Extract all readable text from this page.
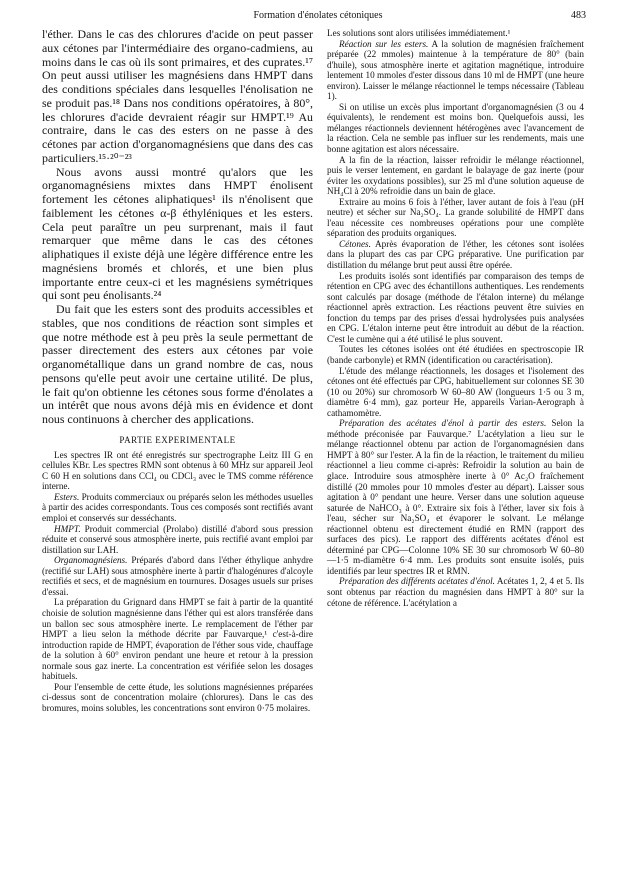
Formation d'énolates cétoniques	483

l'éther. Dans le cas des chlorures d'acide on peut passer aux cétones par l'intermédiaire des organo-cadmiens, au moins dans le cas où ils sont primaires, et des cuprates.¹⁷ On peut aussi utiliser les magnésiens dans HMPT dans des conditions spéciales dans lesquelles l'énolisation ne se produit pas.¹⁸ Dans nos conditions opératoires, à 80°, les chlorures d'acide devraient réagir sur HMPT.¹⁹ Au contraire, dans le cas des esters on ne passe à des cétones par action d'organomagnésiens que dans des cas particuliers.¹⁵·²⁰⁻²³

Nous avons aussi montré qu'alors que les organomagnésiens mixtes dans HMPT énolisent fortement les cétones aliphatiques¹ ils n'énolisent que faiblement les cétones α-β éthyléniques et les esters. Cela peut paraître un peu surprenant, mais il faut remarquer que même dans le cas des cétones aliphatiques il existe déjà une légère différence entre les magnésiens bromés et chlorés, et une bien plus importante entre ceux-ci et les magnésiens symétriques qui sont peu énolisants.²⁴

Du fait que les esters sont des produits accessibles et stables, que nos conditions de réaction sont simples et que notre méthode est à peu près la seule permettant de passer directement des esters aux cétones par voie organométallique dans un grand nombre de cas, nous pensons qu'elle peut avoir une certaine utilité. De plus, le fait qu'on obtienne les cétones sous forme d'énolates a un intérêt que nous avons déjà mis en évidence et dont nous continuons à chercher des applications.

PARTIE EXPERIMENTALE

Les spectres IR ont été enregistrés sur spectrographe Leitz III G en cellules KBr. Les spectres RMN sont obtenus à 60 MHz sur appareil Jeol C 60 H en solutions dans CCl₄ ou CDCl₃ avec le TMS comme référence interne.

Esters. Produits commerciaux ou préparés selon les méthodes usuelles à partir des acides correspondants. Tous ces composés sont rectifiés avant emploi et conservés sur desséchants.

HMPT. Produit commercial (Prolabo) distillé d'abord sous pression réduite et conservé sous atmosphère inerte, puis rectifié avant emploi par distillation sur LAH.

Organomagnésiens. Préparés d'abord dans l'éther éthylique anhydre (rectifié sur LAH) sous atmosphère inerte à partir d'halogénures d'alcoyle rectifiés et secs, et de magnésium en tournures. Dosages usuels sur prises d'essai.

La préparation du Grignard dans HMPT se fait à partir de la quantité choisie de solution magnésienne dans l'éther qui est alors transférée dans un ballon sec sous atmosphère inerte. Le remplacement de l'éther par HMPT a lieu selon la méthode décrite par Fauvarque,¹ c'est-à-dire introduction rapide de HMPT, évaporation de l'éther sous vide, chauffage de la solution à 60° environ pendant une heure et retour à la pression normale sous gaz inerte. La concentration est vérifiée selon les dosages habituels.

Pour l'ensemble de cette étude, les solutions magnésiennes préparées ci-dessus sont de concentration molaire (chlorures). Dans le cas des bromures, moins solubles, les concentrations sont environ 0·75 molaires.

Les solutions sont alors utilisées immédiatement.¹

Réaction sur les esters. A la solution de magnésien fraîchement préparée (22 mmoles) maintenue à la température de 80° (bain d'huile), sous atmosphère inerte et agitation magnétique, introduire lentement 10 mmoles d'ester dissous dans 10 ml de HMPT (une heure environ). Laisser le mélange réactionnel le temps nécessaire (Tableau 1).

Si on utilise un excès plus important d'organomagnésien (3 ou 4 équivalents), le rendement est moins bon. Quelquefois aussi, les mélanges réactionnels deviennent hétérogènes avec l'avancement de la réaction. Cela ne semble pas influer sur les rendements, mais une bonne agitation est alors nécessaire.

A la fin de la réaction, laisser refroidir le mélange réactionnel, puis le verser lentement, en gardant le balayage de gaz inerte (pour éviter les oxydations possibles), sur 25 ml d'une solution aqueuse de NH₄Cl à 20% refroidie dans un bain de glace.

Extraire au moins 6 fois à l'éther, laver autant de fois à l'eau (pH neutre) et sécher sur Na₂SO₄. La grande solubilité de HMPT dans l'eau nécessite ces nombreuses opérations pour une complète séparation des produits organiques.

Cétones. Après évaporation de l'éther, les cétones sont isolées dans la plupart des cas par CPG préparative. Une purification par distillation du mélange brut peut aussi être opérée.

Les produits isolés sont identifiés par comparaison des temps de rétention en CPG avec des échantillons authentiques. Les rendements sont calculés par dosage (méthode de l'étalon interne) du mélange réactionnel après extraction. Les réactions peuvent être suivies en fonction du temps par des prises d'essai hydrolysées puis analysées en CPG. L'étalon interne peut être introduit au début de la réaction. C'est le cumène qui a été utilisé le plus souvent.

Toutes les cétones isolées ont été étudiées en spectroscopie IR (bande carbonyle) et RMN (identification ou caractérisation).

L'étude des mélange réactionnels, les dosages et l'isolement des cétones ont été effectués par CPG, habituellement sur colonnes SE 30 (10 ou 20%) sur chromosorb W 60–80 AW (longueurs 1·5 ou 3 m, diamètre 6·4 mm), gaz porteur He, appareils Varian-Aerograph à cathamomètre.

Préparation des acétates d'énol à partir des esters. Selon la méthode préconisée par Fauvarque.⁷ L'acétylation a lieu sur le mélange réactionnel obtenu par action de l'organomagnésien dans HMPT à 80° sur l'ester. A la fin de la réaction, le traitement du milieu réactionnel a lieu comme ci-après: Refroidir la solution au bain de glace. Introduire sous atmosphère inerte à 0° Ac₂O fraîchement distillé (20 mmoles pour 10 mmoles d'ester au départ). Laisser sous agitation à 0° pendant une heure. Verser dans une solution aqueuse saturée de NaHCO₃ à 0°. Extraire six fois à l'éther, laver six fois à l'eau, sécher sur Na₂SO₄ et évaporer le solvant. Le mélange réactionnel obtenu est directement étudié en RMN (rapport des surfaces des pics). Le rapport des différents acétates d'énol est déterminé par CPG—Colonne 10% SE 30 sur chromosorb W 60–80—1·5 m-diamètre 6·4 mm. Les produits sont ensuite isolés, puis identifiés par leur spectres IR et RMN.

Préparation des différents acétates d'énol. Acétates 1, 2, 4 et 5. Ils sont obtenus par réaction du magnésien dans HMPT à 80° sur la cétone de référence. L'acétylation a
